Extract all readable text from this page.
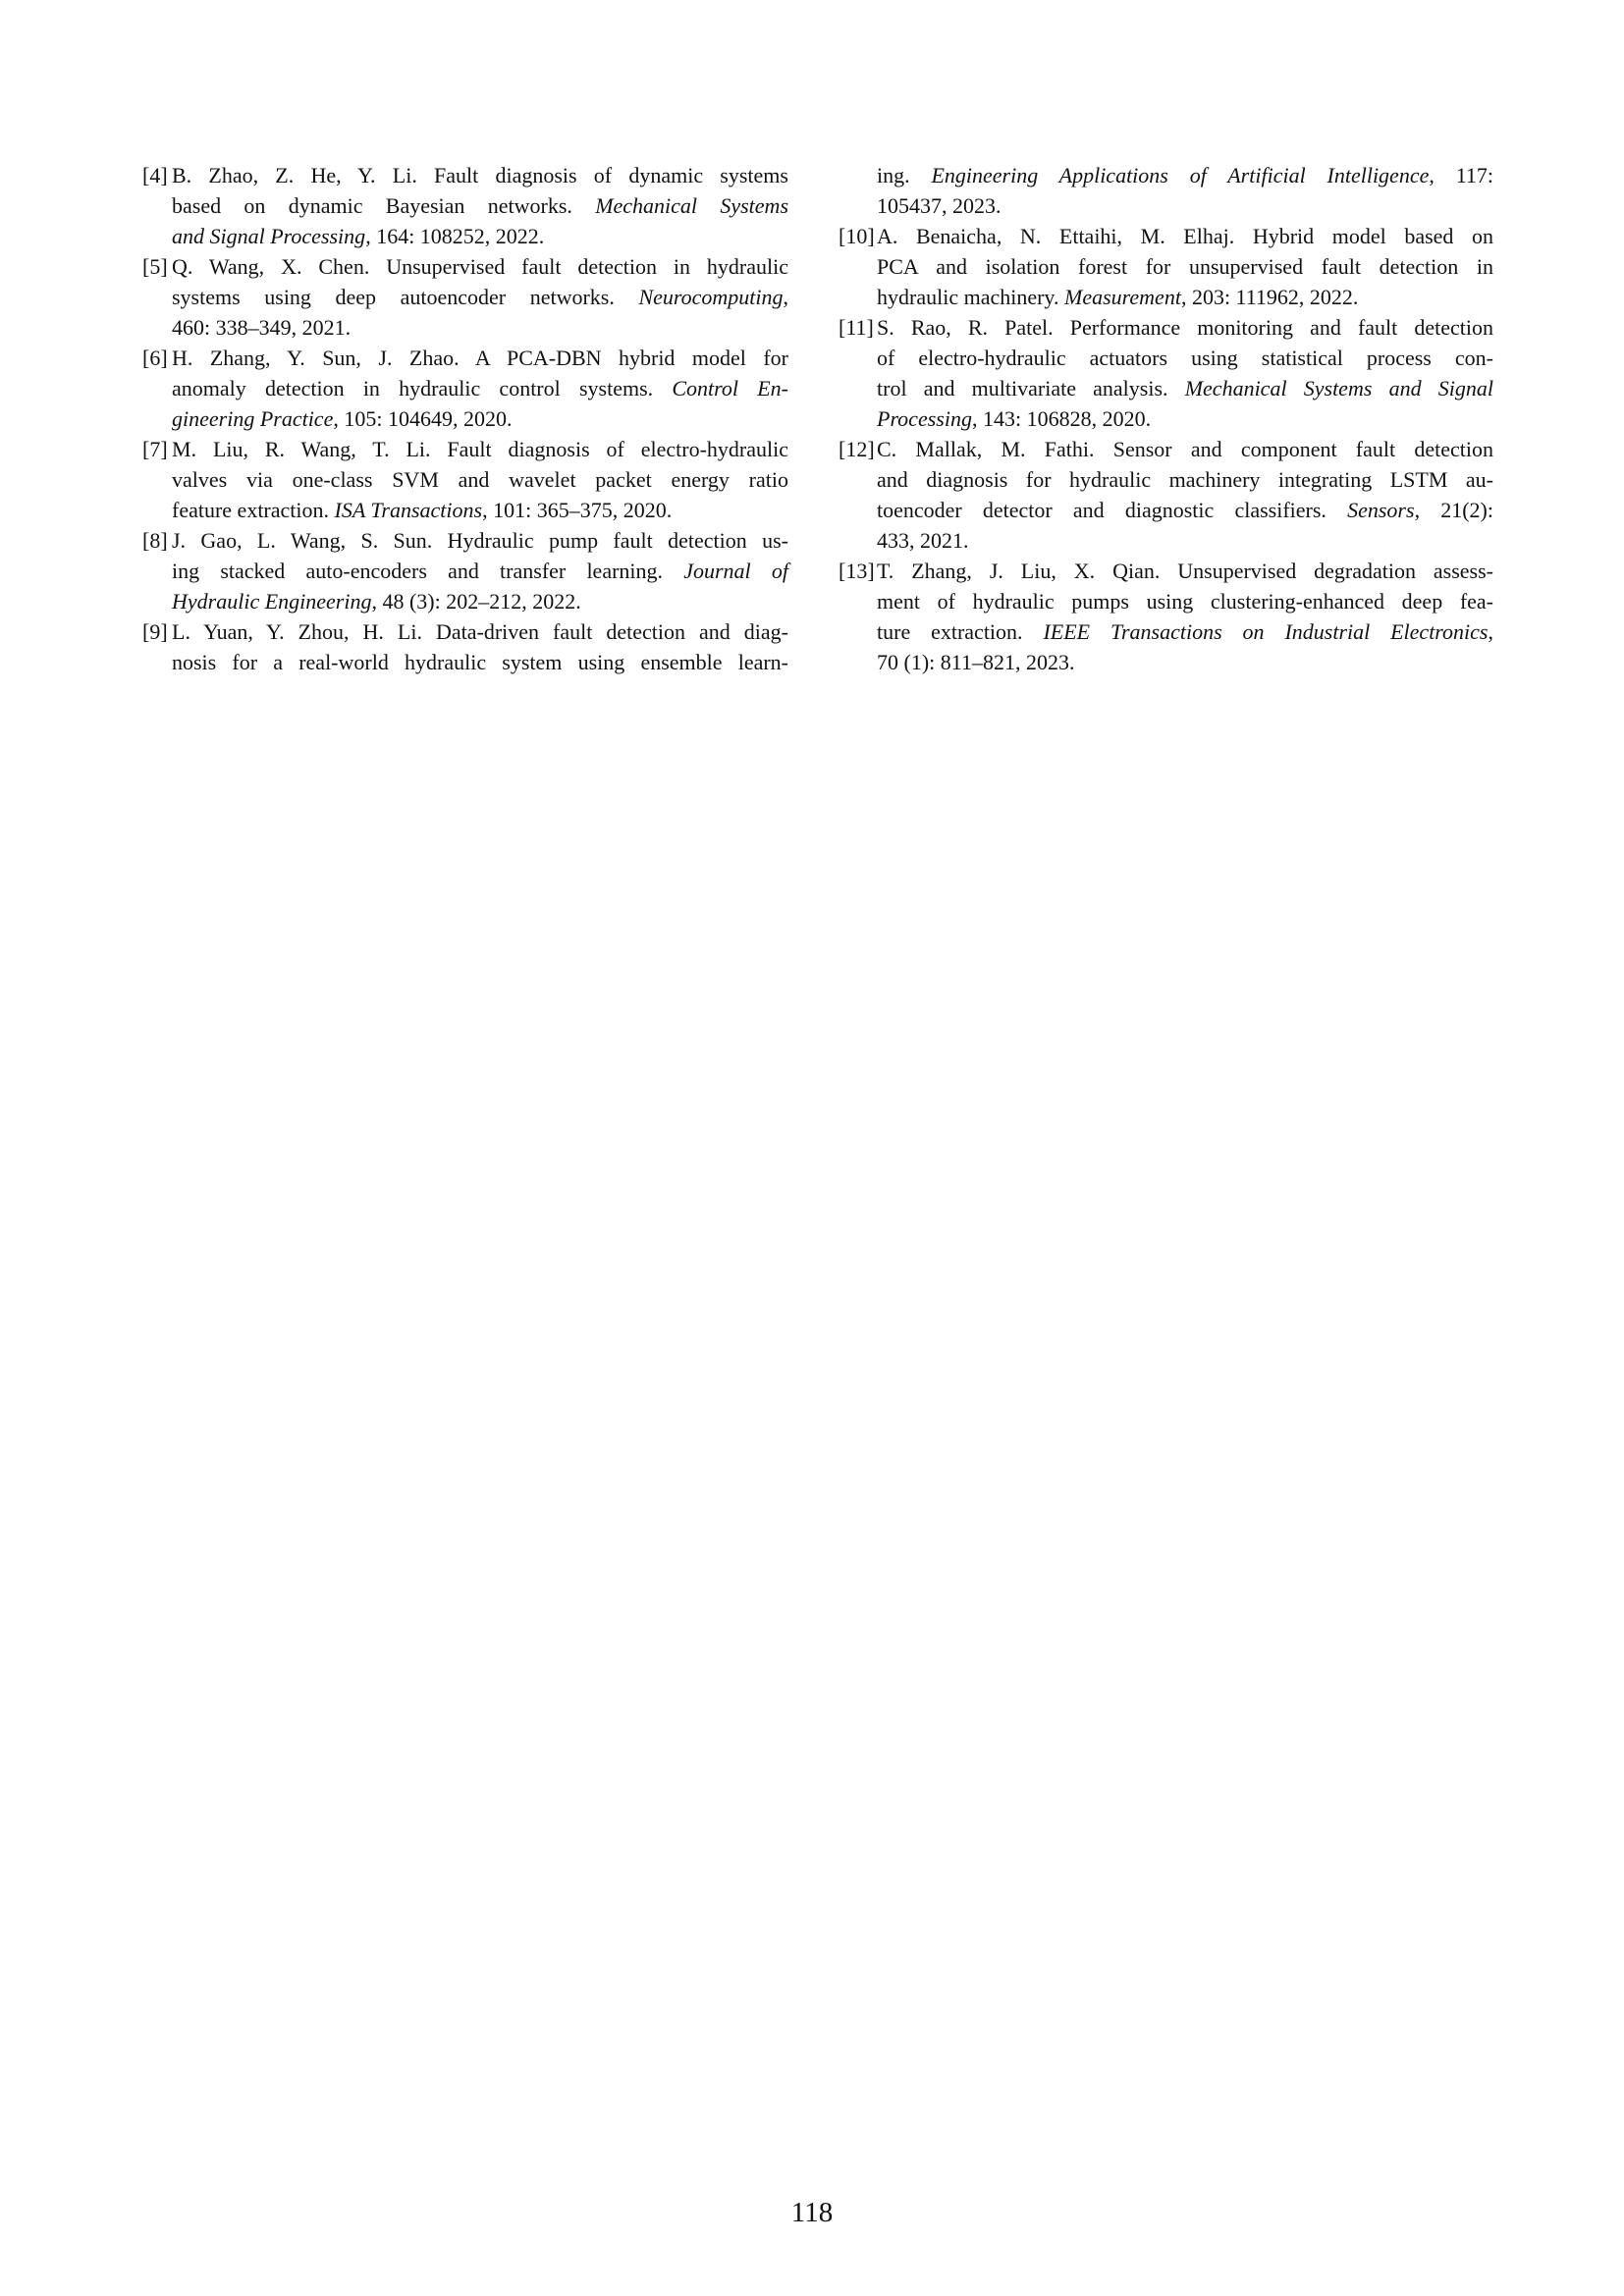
[4] B. Zhao, Z. He, Y. Li. Fault diagnosis of dynamic systems
based on dynamic Bayesian networks. Mechanical Systems
and Signal Processing, 164: 108252, 2022.
[5] Q. Wang, X. Chen. Unsupervised fault detection in hydraulic
systems using deep autoencoder networks. Neurocomputing,
460: 338–349, 2021.
[6] H. Zhang, Y. Sun, J. Zhao. A PCA-DBN hybrid model for
anomaly detection in hydraulic control systems. Control En-
gineering Practice, 105: 104649, 2020.
[7] M. Liu, R. Wang, T. Li. Fault diagnosis of electro-hydraulic
valves via one-class SVM and wavelet packet energy ratio
feature extraction. ISA Transactions, 101: 365–375, 2020.
[8] J. Gao, L. Wang, S. Sun. Hydraulic pump fault detection us-
ing stacked auto-encoders and transfer learning. Journal of
Hydraulic Engineering, 48 (3): 202–212, 2022.
[9] L. Yuan, Y. Zhou, H. Li. Data-driven fault detection and diag-
nosis for a real-world hydraulic system using ensemble learn-
ing. Engineering Applications of Artificial Intelligence, 117:
105437, 2023.
[10] A. Benaicha, N. Ettaihi, M. Elhaj. Hybrid model based on
PCA and isolation forest for unsupervised fault detection in
hydraulic machinery. Measurement, 203: 111962, 2022.
[11] S. Rao, R. Patel. Performance monitoring and fault detection
of electro-hydraulic actuators using statistical process con-
trol and multivariate analysis. Mechanical Systems and Signal
Processing, 143: 106828, 2020.
[12] C. Mallak, M. Fathi. Sensor and component fault detection
and diagnosis for hydraulic machinery integrating LSTM au-
toencoder detector and diagnostic classifiers. Sensors, 21(2):
433, 2021.
[13] T. Zhang, J. Liu, X. Qian. Unsupervised degradation assess-
ment of hydraulic pumps using clustering-enhanced deep fea-
ture extraction. IEEE Transactions on Industrial Electronics,
70 (1): 811–821, 2023.
118
